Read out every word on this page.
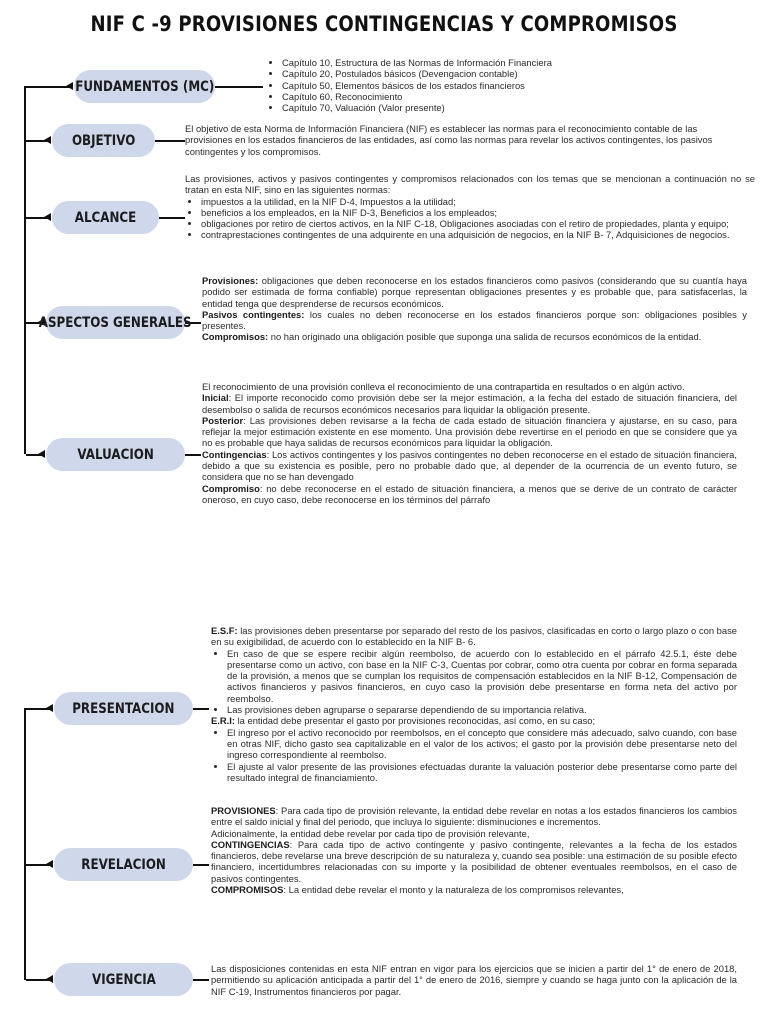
NIF C -9 PROVISIONES CONTINGENCIAS Y COMPROMISOS
FUNDAMENTOS (MC)
OBJETIVO
ALCANCE
ASPECTOS GENERALES
VALUACION
PRESENTACION
REVELACION
VIGENCIA
• Capítulo 10, Estructura de las Normas de Información Financiera
• Capítulo 20, Postulados básicos (Devengacion contable)
• Capítulo 50, Elementos básicos de los estados financieros
• Capítulo 60, Reconocimiento
• Capítulo 70, Valuación (Valor presente)

El objetivo de esta Norma de Información Financiera (NIF) es establecer las normas para el reconocimiento contable de las provisiones en los estados financieros de las entidades, así como las normas para revelar los activos contingentes, los pasivos contingentes y los compromisos.

Las provisiones, activos y pasivos contingentes y compromisos relacionados con los temas que se mencionan a continuación no se tratan en esta NIF, sino en las siguientes normas:

• impuestos a la utilidad, en la NIF D-4, Impuestos a la utilidad;
• beneficios a los empleados, en la NIF D-3, Beneficios a los empleados;
• obligaciones por retiro de ciertos activos, en la NIF C-18, Obligaciones asociadas con el retiro de propiedades, planta y equipo;
• contraprestaciones contingentes de una adquirente en una adquisición de negocios, en la NIF B- 7, Adquisiciones de negocios.

Provisiones: obligaciones que deben reconocerse en los estados financieros como pasivos (considerando que su cuantía haya podido ser estimada de forma confiable) porque representan obligaciones presentes y es probable que, para satisfacerlas, la entidad tenga que desprenderse de recursos económicos.

Pasivos contingentes: los cuales no deben reconocerse en los estados financieros porque son: obligaciones posibles y presentes.

Compromisos: no han originado una obligación posible que suponga una salida de recursos económicos de la entidad.

El reconocimiento de una provisión conlleva el reconocimiento de una contrapartida en resultados o en algún activo.

Inicial: El importe reconocido como provisión debe ser la mejor estimación, a la fecha del estado de situación financiera, del desembolso o salida de recursos económicos necesarios para liquidar la obligación presente.

Posterior: Las provisiones deben revisarse a la fecha de cada estado de situación financiera y ajustarse, en su caso, para reflejar la mejor estimación existente en ese momento. Una provisión debe revertirse en el periodo en que se considere que ya no es probable que haya salidas de recursos económicos para liquidar la obligación.

Contingencias: Los activos contingentes y los pasivos contingentes no deben reconocerse en el estado de situación financiera, debido a que su existencia es posible, pero no probable dado que, al depender de la ocurrencia de un evento futuro, se considera que no se han devengado

Compromiso: no debe reconocerse en el estado de situación financiera, a menos que se derive de un contrato de carácter oneroso, en cuyo caso, debe reconocerse en los términos del párrafo

E.S.F: las provisiones deben presentarse por separado del resto de los pasivos, clasificadas en corto o largo plazo o con base en su exigibilidad, de acuerdo con lo establecido en la NIF B- 6.

• En caso de que se espere recibir algún reembolso, de acuerdo con lo establecido en el párrafo 42.5.1, éste debe presentarse como un activo, con base en la NIF C-3, Cuentas por cobrar, como otra cuenta por cobrar en forma separada de la provisión, a menos que se cumplan los requisitos de compensación establecidos en la NIF B-12, Compensación de activos financieros y pasivos financieros, en cuyo caso la provisión debe presentarse en forma neta del activo por reembolso.
• Las provisiones deben agruparse o separarse dependiendo de su importancia relativa.

E.R.I: la entidad debe presentar el gasto por provisiones reconocidas, así como, en su caso;

• El ingreso por el activo reconocido por reembolsos, en el concepto que considere más adecuado, salvo cuando, con base en otras NIF, dicho gasto sea capitalizable en el valor de los activos; el gasto por la provisión debe presentarse neto del ingreso correspondiente al reembolso.
• El ajuste al valor presente de las provisiones efectuadas durante la valuación posterior debe presentarse como parte del resultado integral de financiamiento.

PROVISIONES: Para cada tipo de provisión relevante, la entidad debe revelar en notas a los estados financieros los cambios entre el saldo inicial y final del periodo, que incluya lo siguiente: disminuciones e incrementos.

Adicionalmente, la entidad debe revelar por cada tipo de provisión relevante,

CONTINGENCIAS: Para cada tipo de activo contingente y pasivo contingente, relevantes a la fecha de los estados financieros, debe revelarse una breve descripción de su naturaleza y, cuando sea posible: una estimación de su posible efecto financiero, incertidumbres relacionadas con su importe y la posibilidad de obtener eventuales reembolsos, en el caso de pasivos contingentes.

COMPROMISOS: La entidad debe revelar el monto y la naturaleza de los compromisos relevantes,

Las disposiciones contenidas en esta NIF entran en vigor para los ejercicios que se inicien a partir del 1° de enero de 2018, permitiendo su aplicación anticipada a partir del 1° de enero de 2016, siempre y cuando se haga junto con la aplicación de la NIF C-19, Instrumentos financieros por pagar.
